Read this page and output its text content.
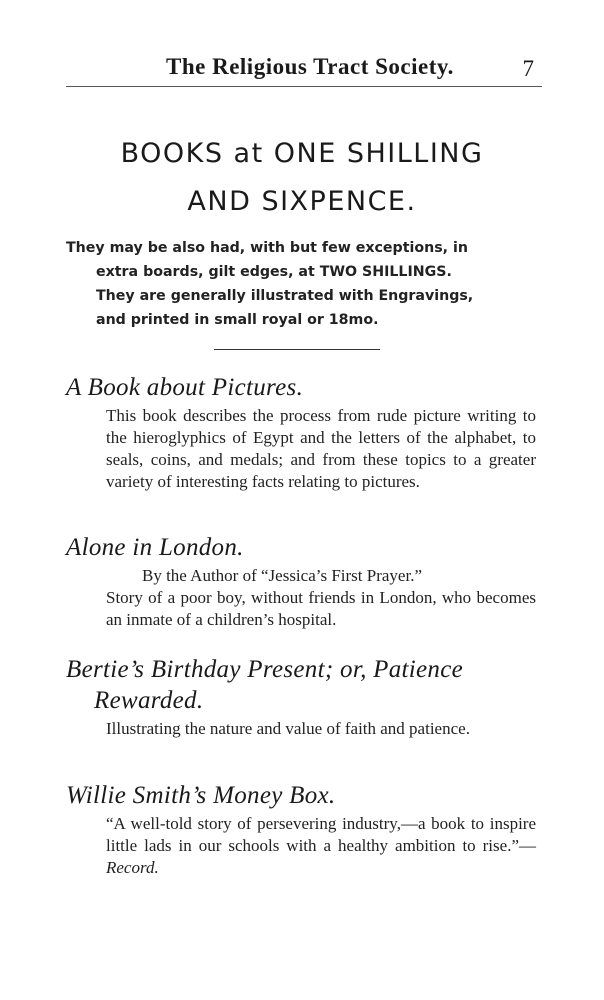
The Religious Tract Society.	7
BOOKS at ONE SHILLING
AND SIXPENCE.
They may be also had, with but few exceptions, in
extra boards, gilt edges, at TWO SHILLINGS.
They are generally illustrated with Engravings,
and printed in small royal or 18mo.
A Book about Pictures.
This book describes the process from rude picture writing to the hieroglyphics of Egypt and the letters of the alphabet, to seals, coins, and medals; and from these topics to a greater variety of interesting facts relating to pictures.
Alone in London.
By the Author of “Jessica’s First Prayer.”
Story of a poor boy, without friends in London, who becomes an inmate of a children’s hospital.
Bertie’s Birthday Present; or, Patience
Rewarded.
Illustrating the nature and value of faith and patience.
Willie Smith’s Money Box.
“A well-told story of persevering industry,—a book to inspire little lads in our schools with a healthy ambition to rise.”—Record.
